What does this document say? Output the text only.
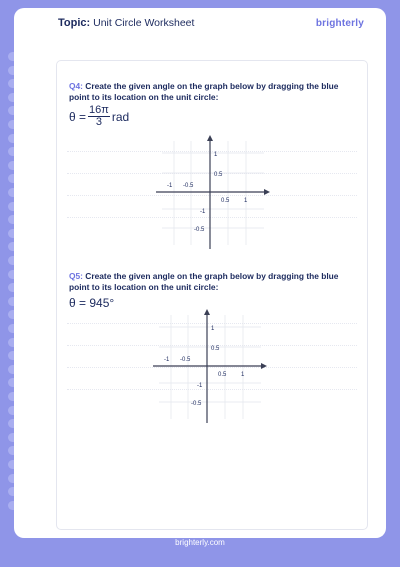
Topic: Unit Circle Worksheet	brighterly
Q4: Create the given angle on the graph below by dragging the blue point to its location on the unit circle:
$\theta = \frac{16\pi}{3}$ rad
-1 -0.5
0.5 1
1
0.5
-1
-0.5
Q5: Create the given angle on the graph below by dragging the blue point to its location on the unit circle:
θ = 945°
-1 -0.5
0.5 1
1
0.5
-1
-0.5
brighterly.com
